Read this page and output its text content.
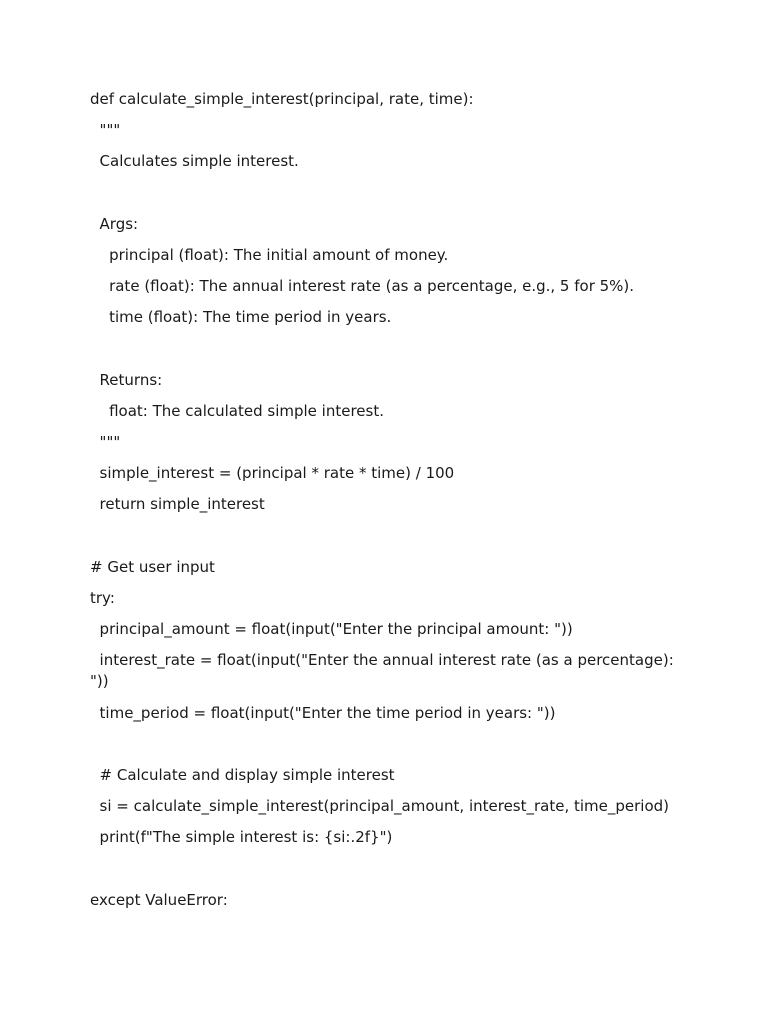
def calculate_simple_interest(principal, rate, time):
"""
Calculates simple interest.
Args:
principal (float): The initial amount of money.
rate (float): The annual interest rate (as a percentage, e.g., 5 for 5%).
time (float): The time period in years.
Returns:
float: The calculated simple interest.
"""
simple_interest = (principal * rate * time) / 100
return simple_interest
# Get user input
try:
principal_amount = float(input("Enter the principal amount: "))
interest_rate = float(input("Enter the annual interest rate (as a percentage): "))
time_period = float(input("Enter the time period in years: "))
# Calculate and display simple interest
si = calculate_simple_interest(principal_amount, interest_rate, time_period)
print(f"The simple interest is: {si:.2f}")
except ValueError:
